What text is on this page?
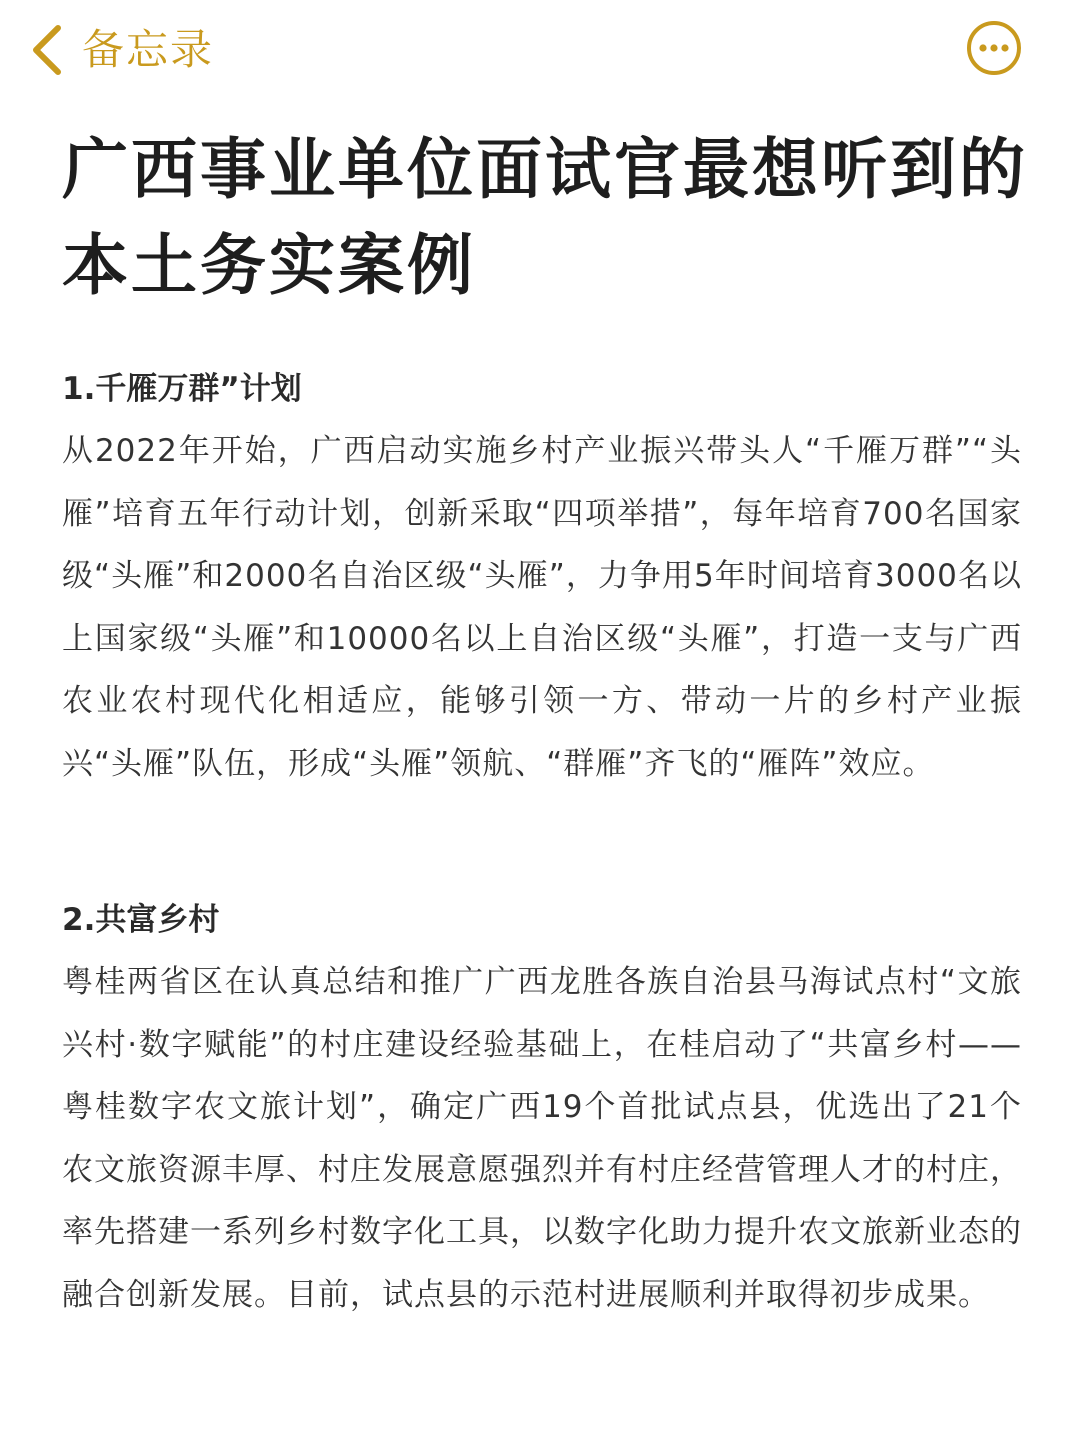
备忘录
广西事业单位面试官最想听到的本土务实案例

1.千雁万群”计划

从2022年开始，广西启动实施乡村产业振兴带头人“千雁万群”“头雁”培育五年行动计划，创新采取“四项举措”，每年培育700名国家级“头雁”和2000名自治区级“头雁”，力争用5年时间培育3000名以上国家级“头雁”和10000名以上自治区级“头雁”，打造一支与广西农业农村现代化相适应，能够引领一方、带动一片的乡村产业振兴“头雁”队伍，形成“头雁”领航、“群雁”齐飞的“雁阵”效应。

2.共富乡村

粤桂两省区在认真总结和推广广西龙胜各族自治县马海试点村“文旅兴村·数字赋能”的村庄建设经验基础上，在桂启动了“共富乡村——粤桂数字农文旅计划”，确定广西19个首批试点县，优选出了21个农文旅资源丰厚、村庄发展意愿强烈并有村庄经营管理人才的村庄，率先搭建一系列乡村数字化工具，以数字化助力提升农文旅新业态的融合创新发展。目前，试点县的示范村进展顺利并取得初步成果。
